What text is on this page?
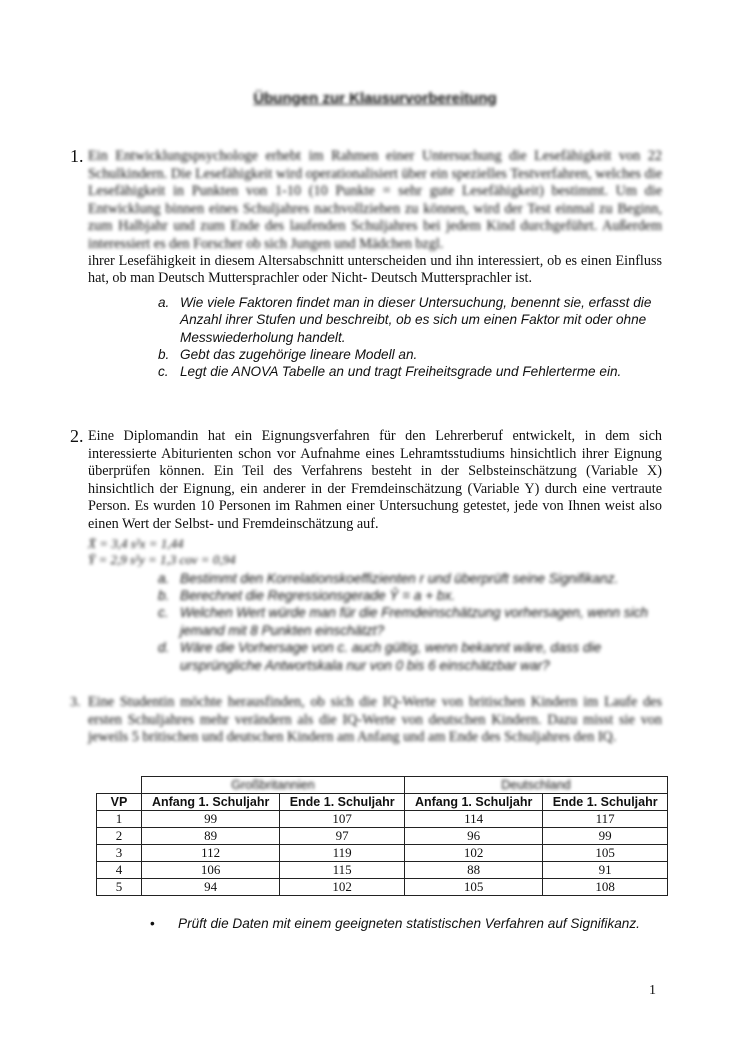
Übungen zur Klausurvorbereitung
1. Ein Entwicklungspsychologe erhebt im Rahmen einer Untersuchung die Lesefähigkeit von 22 Schulkindern. Die Lesefähigkeit wird operationalisiert über ein spezielles Testverfahren, welches die Lesefähigkeit in Punkten von 1-10 (10 Punkte = sehr gute Lesefähigkeit) bestimmt. Um die Entwicklung binnen eines Schuljahres nachvollziehen zu können, wird der Test einmal zu Beginn, zum Halbjahr und zum Ende des laufenden Schuljahres bei jedem Kind durchgeführt. Außerdem interessiert es den Forscher ob sich Jungen und Mädchen bzgl.

ihrer Lesefähigkeit in diesem Altersabschnitt unterscheiden und ihn interessiert, ob es einen Einfluss hat, ob man Deutsch Muttersprachler oder Nicht- Deutsch Muttersprachler ist.

a. Wie viele Faktoren findet man in dieser Untersuchung, benennt sie, erfasst die Anzahl ihrer Stufen und beschreibt, ob es sich um einen Faktor mit oder ohne Messwiederholung handelt.
b. Gebt das zugehörige lineare Modell an.
c. Legt die ANOVA Tabelle an und tragt Freiheitsgrade und Fehlerterme ein.
2. Eine Diplomandin hat ein Eignungsverfahren für den Lehrerberuf entwickelt, in dem sich interessierte Abiturienten schon vor Aufnahme eines Lehramtsstudiums hinsichtlich ihrer Eignung überprüfen können. Ein Teil des Verfahrens besteht in der Selbsteinschätzung (Variable X) hinsichtlich der Eignung, ein anderer in der Fremdeinschätzung (Variable Y) durch eine vertraute Person. Es wurden 10 Personen im Rahmen einer Untersuchung getestet, jede von Ihnen weist also einen Wert der Selbst- und Fremdeinschätzung auf.

X̄ = 3,4 s²x = 1,44

Ȳ = 2,9 s²y = 1,3 cov = 0,94

a. Bestimmt den Korrelationskoeffizienten r und überprüft seine Signifikanz.
b. Berechnet die Regressionsgerade Ŷ = a + bx.
c. Welchen Wert würde man für die Fremdeinschätzung vorhersagen, wenn sich jemand mit 8 Punkten einschätzt?
d. Wäre die Vorhersage von c. auch gültig, wenn bekannt wäre, dass die ursprüngliche Antwortskala nur von 0 bis 6 einschätzbar war?
3. Eine Studentin möchte herausfinden, ob sich die IQ-Werte von britischen Kindern im Laufe des ersten Schuljahres mehr verändern als die IQ-Werte von deutschen Kindern. Dazu misst sie von jeweils 5 britischen und deutschen Kindern am Anfang und am Ende des Schuljahres den IQ.

	Großbritannien		Deutschland	
VP	Anfang 1. Schuljahr	Ende 1. Schuljahr	Anfang 1. Schuljahr	Ende 1. Schuljahr
1	99	107	114	117
2	89	97	96	99
3	112	119	102	105
4	106	115	88	91
5	94	102	105	108
• Prüft die Daten mit einem geeigneten statistischen Verfahren auf Signifikanz.
1
